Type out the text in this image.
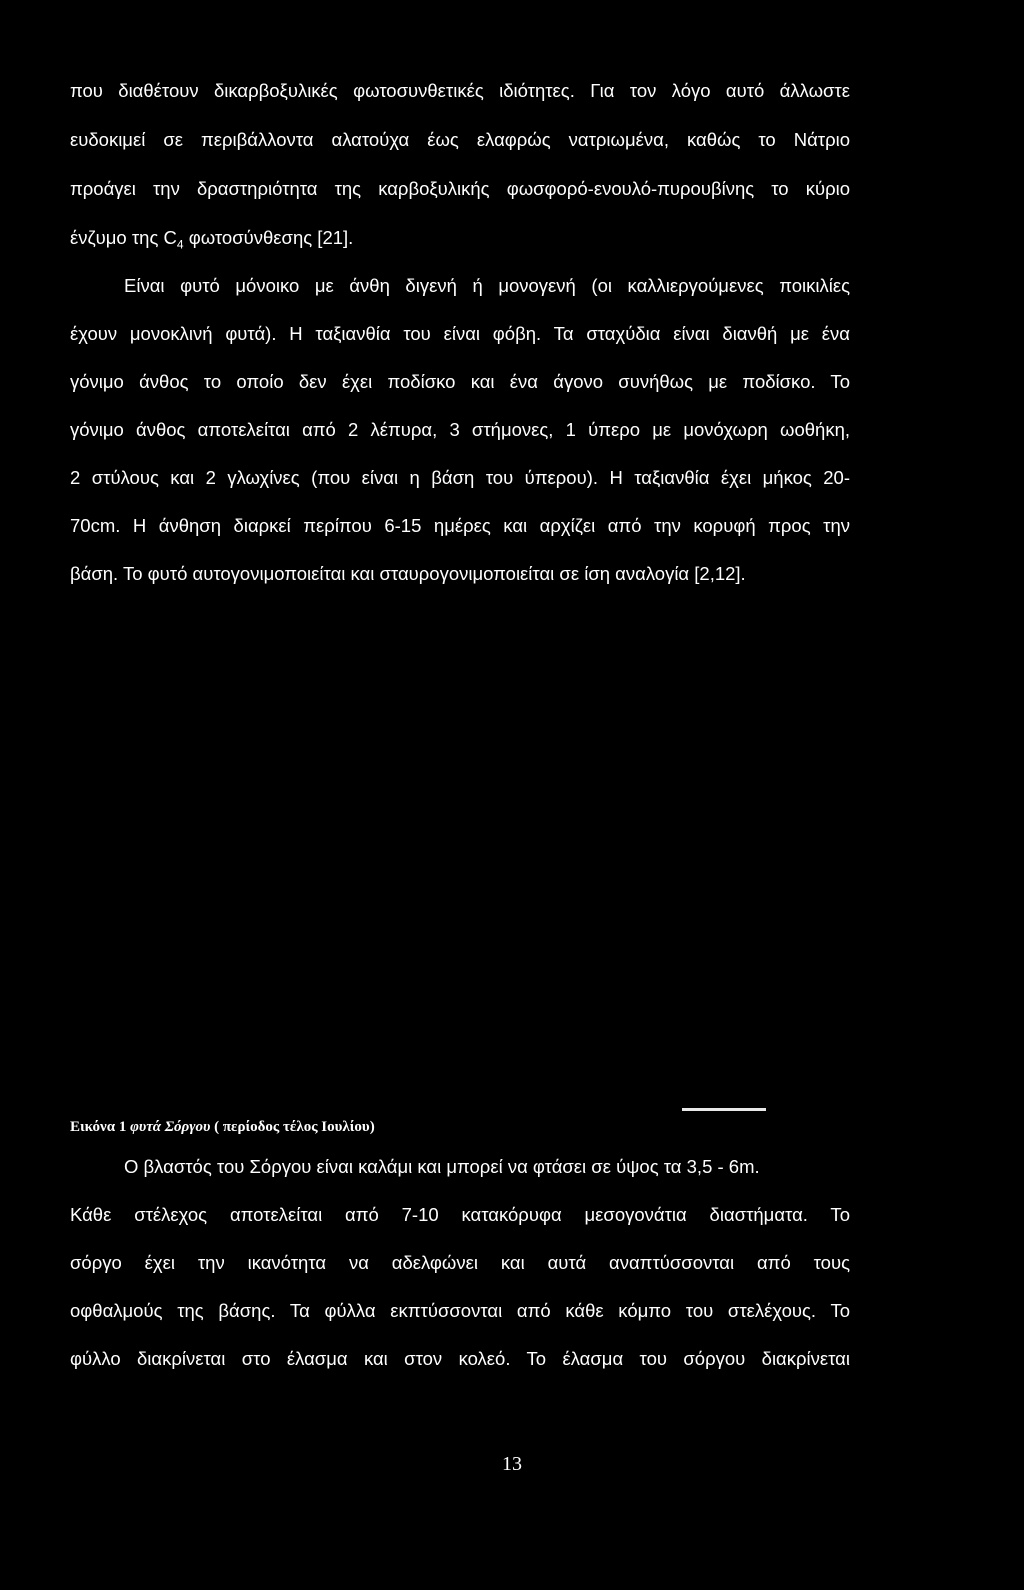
που διαθέτουν δικαρβοξυλικές φωτοσυνθετικές ιδιότητες. Για τον λόγο αυτό άλλωστε
ευδοκιμεί σε περιβάλλοντα αλατούχα έως ελαφρώς νατριωμένα, καθώς το Νάτριο
προάγει την δραστηριότητα της καρβοξυλικής φωσφορό-ενουλό-πυρουβίνης το κύριο
ένζυμο της $C_4$ φωτοσύνθεσης [21].
Είναι φυτό μόνοικο με άνθη διγενή ή μονογενή (οι καλλιεργούμενες ποικιλίες
έχουν μονοκλινή φυτά). Η ταξιανθία του είναι φόβη. Τα σταχύδια είναι διανθή με ένα
γόνιμο άνθος το οποίο δεν έχει ποδίσκο και ένα άγονο συνήθως με ποδίσκο. Το
γόνιμο άνθος αποτελείται από 2 λέπυρα, 3 στήμονες, 1 ύπερο με μονόχωρη ωοθήκη,
2 στύλους και 2 γλωχίνες (που είναι η βάση του ύπερου). Η ταξιανθία έχει μήκος 20-
70cm. Η άνθηση διαρκεί περίπου 6-15 ημέρες και αρχίζει από την κορυφή προς την
βάση. Το φυτό αυτογονιμοποιείται και σταυρογονιμοποιείται σε ίση αναλογία [2,12].
Εικόνα 1 φυτά Σόργου ( περίοδος τέλος Ιουλίου)
Ο βλαστός του Σόργου είναι καλάμι και μπορεί να φτάσει σε ύψος τα 3,5 - 6m.
Κάθε στέλεχος αποτελείται από 7-10 κατακόρυφα μεσογονάτια διαστήματα. Το
σόργο έχει την ικανότητα να αδελφώνει και αυτά αναπτύσσονται από τους
οφθαλμούς της βάσης. Τα φύλλα εκπτύσσονται από κάθε κόμπο του στελέχους. Το
φύλλο διακρίνεται στο έλασμα και στον κολεό. Το έλασμα του σόργου διακρίνεται
13
